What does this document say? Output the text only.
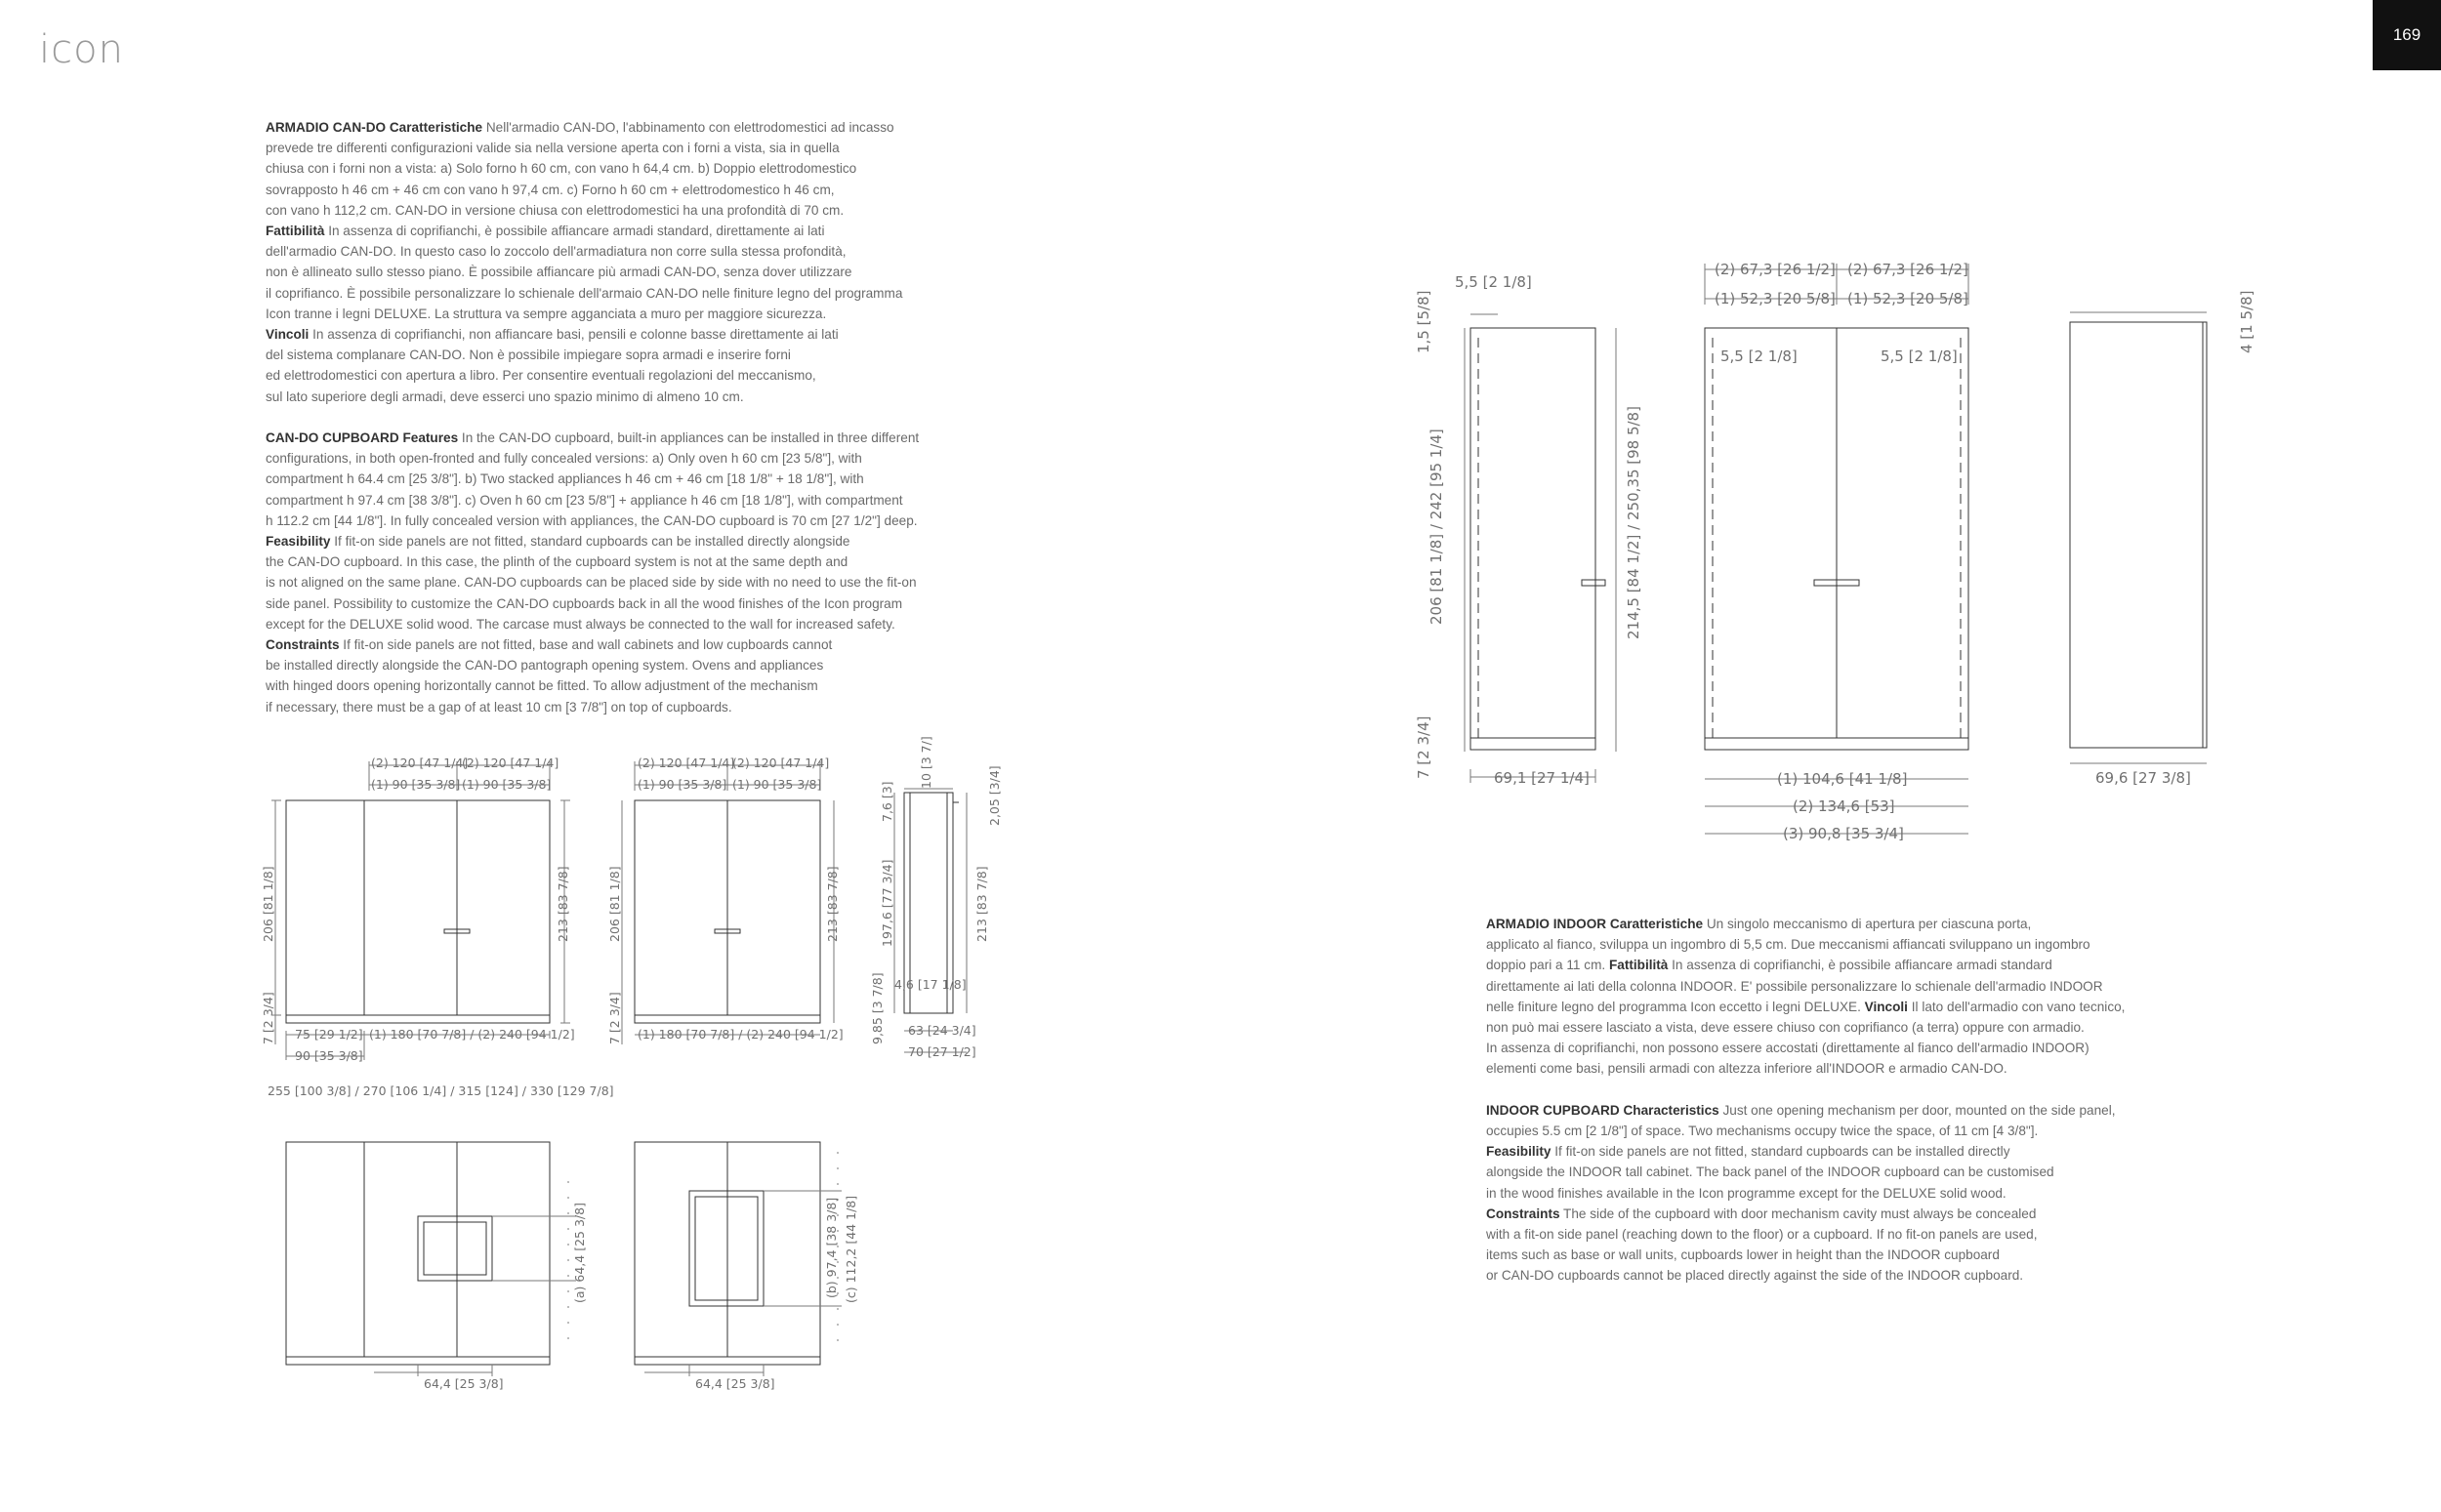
icon	169

ARMADIO CAN-DO Caratteristiche Nell'armadio CAN-DO, l'abbinamento con elettrodomestici ad incasso
prevede tre differenti configurazioni valide sia nella versione aperta con i forni a vista, sia in quella
chiusa con i forni non a vista: a) Solo forno h 60 cm, con vano h 64,4 cm. b) Doppio elettrodomestico
sovrapposto h 46 cm + 46 cm con vano h 97,4 cm. c) Forno h 60 cm + elettrodomestico h 46 cm,
con vano h 112,2 cm. CAN-DO in versione chiusa con elettrodomestici ha una profondità di 70 cm.
Fattibilità In assenza di coprifianchi, è possibile affiancare armadi standard, direttamente ai lati
dell'armadio CAN-DO. In questo caso lo zoccolo dell'armadiatura non corre sulla stessa profondità,
non è allineato sullo stesso piano. È possibile affiancare più armadi CAN-DO, senza dover utilizzare
il coprifianco. È possibile personalizzare lo schienale dell'armaio CAN-DO nelle finiture legno del programma
Icon tranne i legni DELUXE. La struttura va sempre agganciata a muro per maggiore sicurezza.
Vincoli In assenza di coprifianchi, non affiancare basi, pensili e colonne basse direttamente ai lati
del sistema complanare CAN-DO. Non è possibile impiegare sopra armadi e inserire forni
ed elettrodomestici con apertura a libro. Per consentire eventuali regolazioni del meccanismo,
sul lato superiore degli armadi, deve esserci uno spazio minimo di almeno 10 cm.

CAN-DO CUPBOARD Features In the CAN-DO cupboard, built-in appliances can be installed in three different
configurations, in both open-fronted and fully concealed versions: a) Only oven h 60 cm [23 5/8"], with
compartment h 64.4 cm [25 3/8"]. b) Two stacked appliances h 46 cm + 46 cm [18 1/8" + 18 1/8"], with
compartment h 97.4 cm [38 3/8"]. c) Oven h 60 cm [23 5/8"] + appliance h 46 cm [18 1/8"], with compartment
h 112.2 cm [44 1/8"]. In fully concealed version with appliances, the CAN-DO cupboard is 70 cm [27 1/2"] deep.
Feasibility If fit-on side panels are not fitted, standard cupboards can be installed directly alongside
the CAN-DO cupboard. In this case, the plinth of the cupboard system is not at the same depth and
is not aligned on the same plane. CAN-DO cupboards can be placed side by side with no need to use the fit-on
side panel. Possibility to customize the CAN-DO cupboards back in all the wood finishes of the Icon program
except for the DELUXE solid wood. The carcase must always be connected to the wall for increased safety.
Constraints If fit-on side panels are not fitted, base and wall cabinets and low cupboards cannot
be installed directly alongside the CAN-DO pantograph opening system. Ovens and appliances
with hinged doors opening horizontally cannot be fitted. To allow adjustment of the mechanism
if necessary, there must be a gap of at least 10 cm [3 7/8"] on top of cupboards.

ARMADIO INDOOR Caratteristiche Un singolo meccanismo di apertura per ciascuna porta,
applicato al fianco, sviluppa un ingombro di 5,5 cm. Due meccanismi affiancati sviluppano un ingombro
doppio pari a 11 cm. Fattibilità In assenza di coprifianchi, è possibile affiancare armadi standard
direttamente ai lati della colonna INDOOR. E' possibile personalizzare lo schienale dell'armadio INDOOR
nelle finiture legno del programma Icon eccetto i legni DELUXE. Vincoli Il lato dell'armadio con vano tecnico,
non può mai essere lasciato a vista, deve essere chiuso con coprifianco (a terra) oppure con armadio.
In assenza di coprifianchi, non possono essere accostati (direttamente al fianco dell'armadio INDOOR)
elementi come basi, pensili armadi con altezza inferiore all'INDOOR e armadio CAN-DO.

INDOOR CUPBOARD Characteristics Just one opening mechanism per door, mounted on the side panel,
occupies 5.5 cm [2 1/8"] of space. Two mechanisms occupy twice the space, of 11 cm [4 3/8"].
Feasibility If fit-on side panels are not fitted, standard cupboards can be installed directly
alongside the INDOOR tall cabinet. The back panel of the INDOOR cupboard can be customised
in the wood finishes available in the Icon programme except for the DELUXE solid wood.
Constraints The side of the cupboard with door mechanism cavity must always be concealed
with a fit-on side panel (reaching down to the floor) or a cupboard. If no fit-on panels are used,
items such as base or wall units, cupboards lower in height than the INDOOR cupboard
or CAN-DO cupboards cannot be placed directly against the side of the INDOOR cupboard.

(2) 120 [47 1/4]
(2) 120 [47 1/4]
(1) 90 [35 3/8] (1) 90 [35 3/8]
206 [81 1/8]	213 [83 7/8]
7 [2 3/4] 75 [29 1/2] (1) 180 [70 7/8] / (2) 240 [94 1/2]
90 [35 3/8]
255 [100 3/8] / 270 [106 1/4] / 315 [124] / 330 [129 7/8]
(2) 120 [47 1/4]
(2) 120 [47 1/4]
(1) 90 [35 3/8] (1) 90 [35 3/8]
206 [81 1/8]	213 [83 7/8]
7 [2 3/4] (1) 180 [70 7/8] / (2) 240 [94 1/2]
10 [3 7/]
7,6 [3]	2,05 [3/4]
197,6 [77 3/4]	213 [83 7/8]
4,6 [17 1/8]
9,85 [3 7/8] 63 [24 3/4]
70 [27 1/2]
(a) 64,4 [25 3/8]
64,4 [25 3/8]
(b) 97,4 [38 3/8] (c) 112,2 [44 1/8]
64,4 [25 3/8]
5,5 [2 1/8]
1,5 [5/8]
206 [81 1/8] / 242 [95 1/4]	214,5 [84 1/2] / 250,35 [98 5/8]
7 [2 3/4]	69,1 [27 1/4]
(2) 67,3 [26 1/2] (2) 67,3 [26 1/2]
(1) 52,3 [20 5/8] (1) 52,3 [20 5/8]
5,5 [2 1/8]	5,5 [2 1/8]
(1) 104,6 [41 1/8]
(2) 134,6 [53]
(3) 90,8 [35 3/4]
4 [1 5/8]
69,6 [27 3/8]
